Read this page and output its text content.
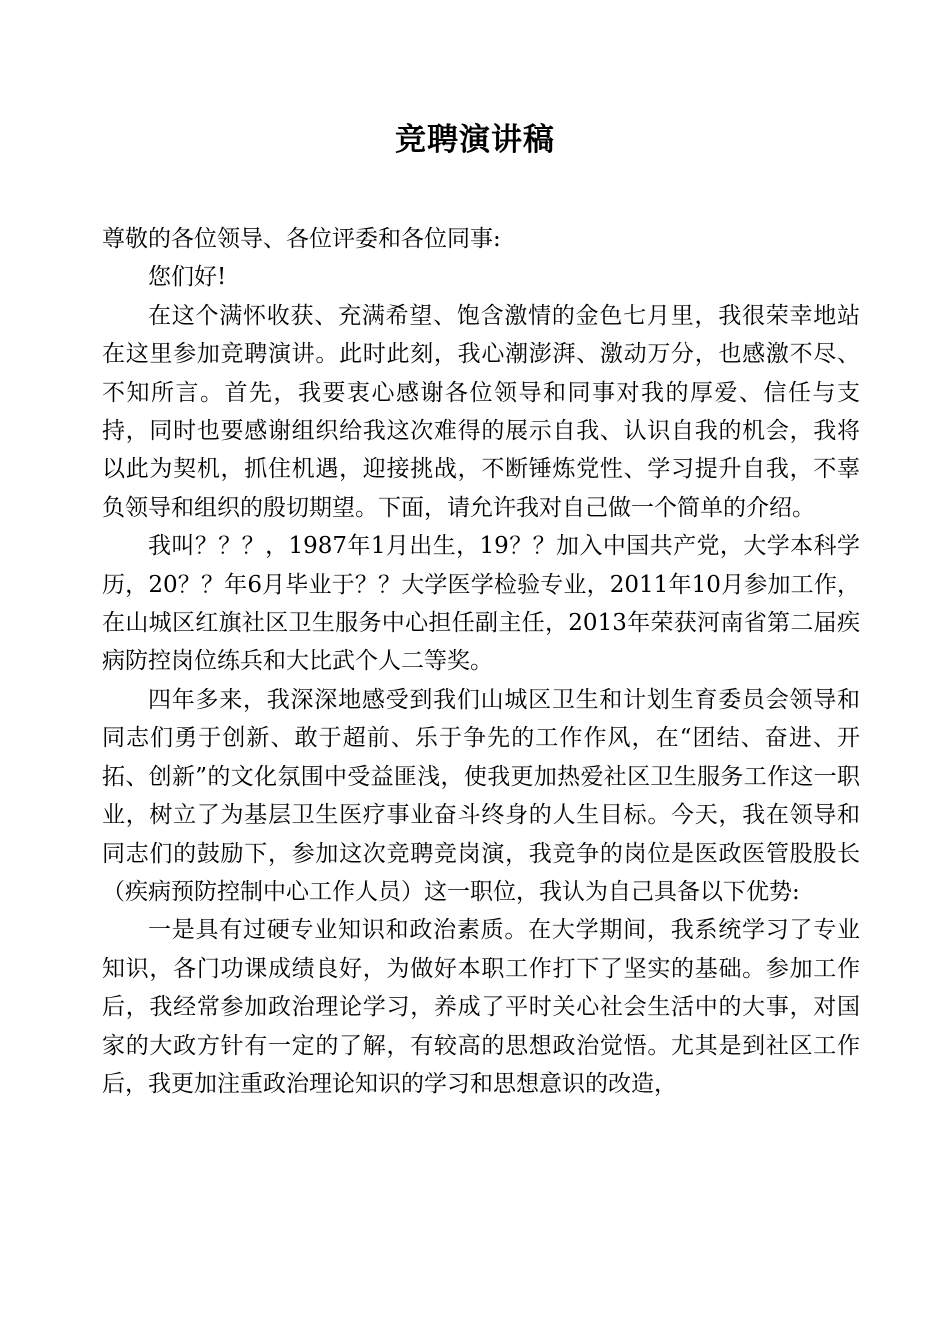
竞聘演讲稿

尊敬的各位领导、各位评委和各位同事:

您们好!

在这个满怀收获、充满希望、饱含激情的金色七月里，我很荣幸地站在这里参加竞聘演讲。此时此刻，我心潮澎湃、激动万分，也感激不尽、不知所言。首先，我要衷心感谢各位领导和同事对我的厚爱、信任与支持，同时也要感谢组织给我这次难得的展示自我、认识自我的机会，我将以此为契机，抓住机遇，迎接挑战，不断锤炼党性、学习提升自我，不辜负领导和组织的殷切期望。下面，请允许我对自己做一个简单的介绍。

我叫？？？，1987年1月出生，19？？加入中国共产党，大学本科学历，20？？年6月毕业于？？大学医学检验专业，2011年10月参加工作，在山城区红旗社区卫生服务中心担任副主任，2013年荣获河南省第二届疾病防控岗位练兵和大比武个人二等奖。

四年多来，我深深地感受到我们山城区卫生和计划生育委员会领导和同志们勇于创新、敢于超前、乐于争先的工作作风，在“团结、奋进、开拓、创新”的文化氛围中受益匪浅，使我更加热爱社区卫生服务工作这一职业，树立了为基层卫生医疗事业奋斗终身的人生目标。今天，我在领导和同志们的鼓励下，参加这次竞聘竞岗演，我竞争的岗位是医政医管股股长（疾病预防控制中心工作人员）这一职位，我认为自己具备以下优势:

一是具有过硬专业知识和政治素质。在大学期间，我系统学习了专业知识，各门功课成绩良好，为做好本职工作打下了坚实的基础。参加工作后，我经常参加政治理论学习，养成了平时关心社会生活中的大事，对国家的大政方针有一定的了解，有较高的思想政治觉悟。尤其是到社区工作后，我更加注重政治理论知识的学习和思想意识的改造，
